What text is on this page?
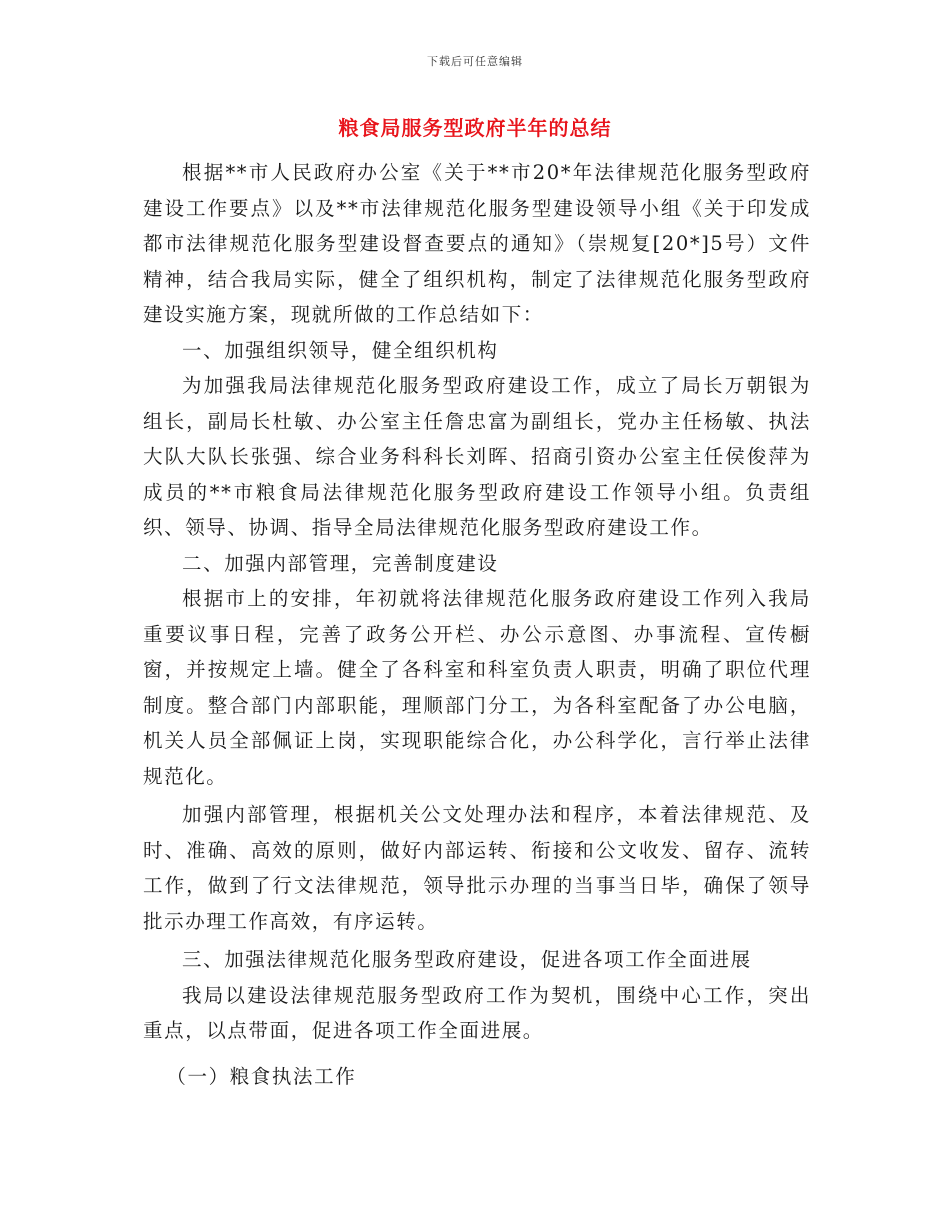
下载后可任意编辑
粮食局服务型政府半年的总结

根据**市人民政府办公室《关于**市20*年法律规范化服务型政府建设工作要点》以及**市法律规范化服务型建设领导小组《关于印发成都市法律规范化服务型建设督查要点的通知》（崇规复[20*]5号）文件精神，结合我局实际，健全了组织机构，制定了法律规范化服务型政府建设实施方案，现就所做的工作总结如下：

一、加强组织领导，健全组织机构

为加强我局法律规范化服务型政府建设工作，成立了局长万朝银为组长，副局长杜敏、办公室主任詹忠富为副组长，党办主任杨敏、执法大队大队长张强、综合业务科科长刘晖、招商引资办公室主任侯俊萍为成员的**市粮食局法律规范化服务型政府建设工作领导小组。负责组织、领导、协调、指导全局法律规范化服务型政府建设工作。

二、加强内部管理，完善制度建设

根据市上的安排，年初就将法律规范化服务政府建设工作列入我局重要议事日程，完善了政务公开栏、办公示意图、办事流程、宣传橱窗，并按规定上墙。健全了各科室和科室负责人职责，明确了职位代理制度。整合部门内部职能，理顺部门分工，为各科室配备了办公电脑，机关人员全部佩证上岗，实现职能综合化，办公科学化，言行举止法律规范化。

加强内部管理，根据机关公文处理办法和程序，本着法律规范、及时、准确、高效的原则，做好内部运转、衔接和公文收发、留存、流转工作，做到了行文法律规范，领导批示办理的当事当日毕，确保了领导批示办理工作高效，有序运转。

三、加强法律规范化服务型政府建设，促进各项工作全面进展

我局以建设法律规范服务型政府工作为契机，围绕中心工作，突出重点，以点带面，促进各项工作全面进展。

（一）粮食执法工作
